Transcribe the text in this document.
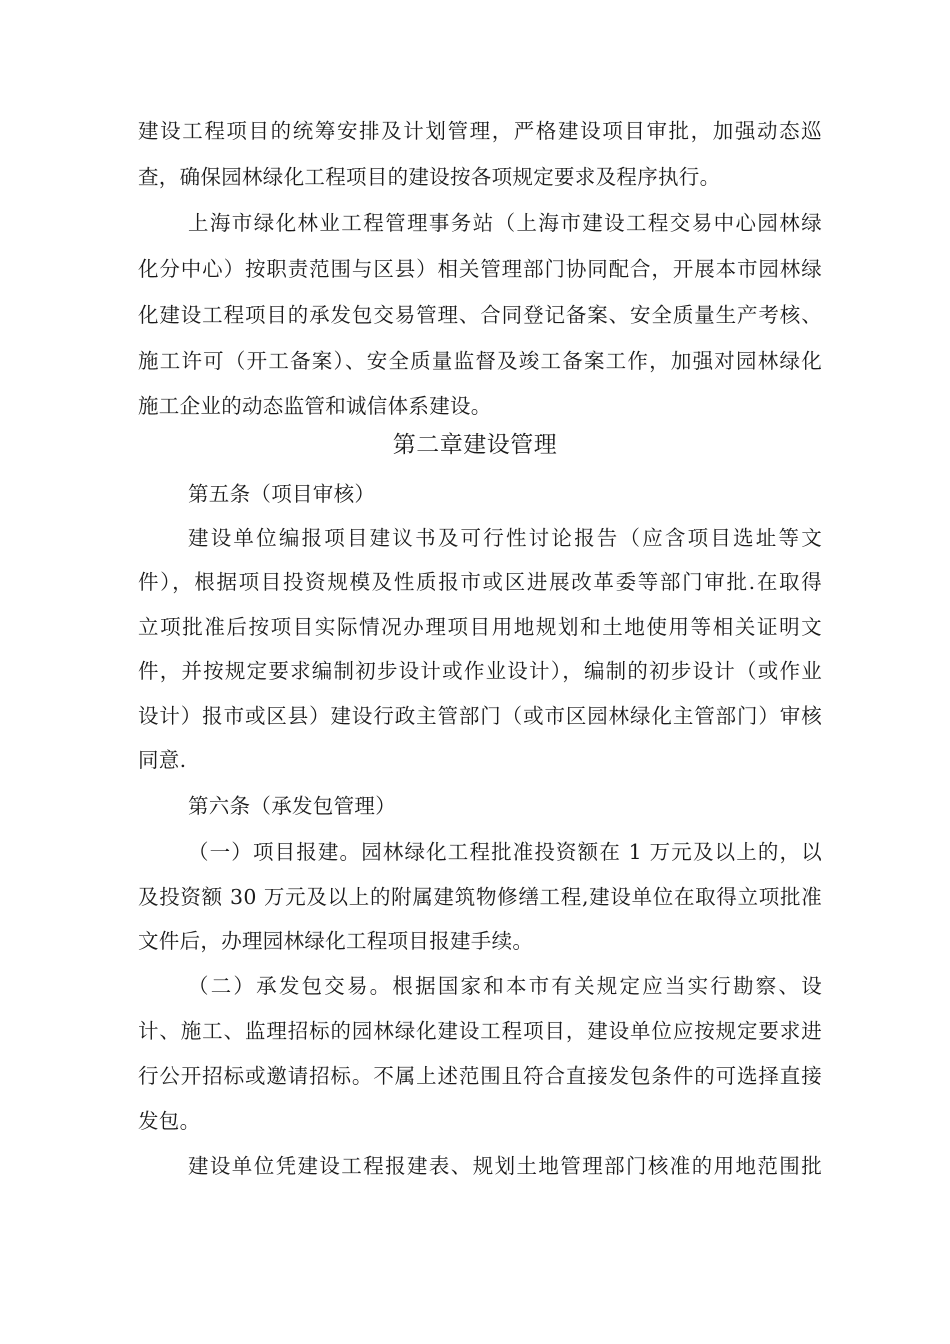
建设工程项目的统筹安排及计划管理，严格建设项目审批，加强动态巡
查，确保园林绿化工程项目的建设按各项规定要求及程序执行。
上海市绿化林业工程管理事务站（上海市建设工程交易中心园林绿
化分中心）按职责范围与区县）相关管理部门协同配合，开展本市园林绿
化建设工程项目的承发包交易管理、合同登记备案、安全质量生产考核、
施工许可（开工备案）、安全质量监督及竣工备案工作，加强对园林绿化
施工企业的动态监管和诚信体系建设。
第二章建设管理
第五条（项目审核）
建设单位编报项目建议书及可行性讨论报告（应含项目选址等文
件），根据项目投资规模及性质报市或区进展改革委等部门审批.在取得
立项批准后按项目实际情况办理项目用地规划和土地使用等相关证明文
件，并按规定要求编制初步设计或作业设计），编制的初步设计（或作业
设计）报市或区县）建设行政主管部门（或市区园林绿化主管部门）审核
同意.
第六条（承发包管理）
（一）项目报建。园林绿化工程批准投资额在 1 万元及以上的，以
及投资额 30 万元及以上的附属建筑物修缮工程,建设单位在取得立项批准
文件后，办理园林绿化工程项目报建手续。
（二）承发包交易。根据国家和本市有关规定应当实行勘察、设
计、施工、监理招标的园林绿化建设工程项目，建设单位应按规定要求进
行公开招标或邀请招标。不属上述范围且符合直接发包条件的可选择直接
发包。
建设单位凭建设工程报建表、规划土地管理部门核准的用地范围批
